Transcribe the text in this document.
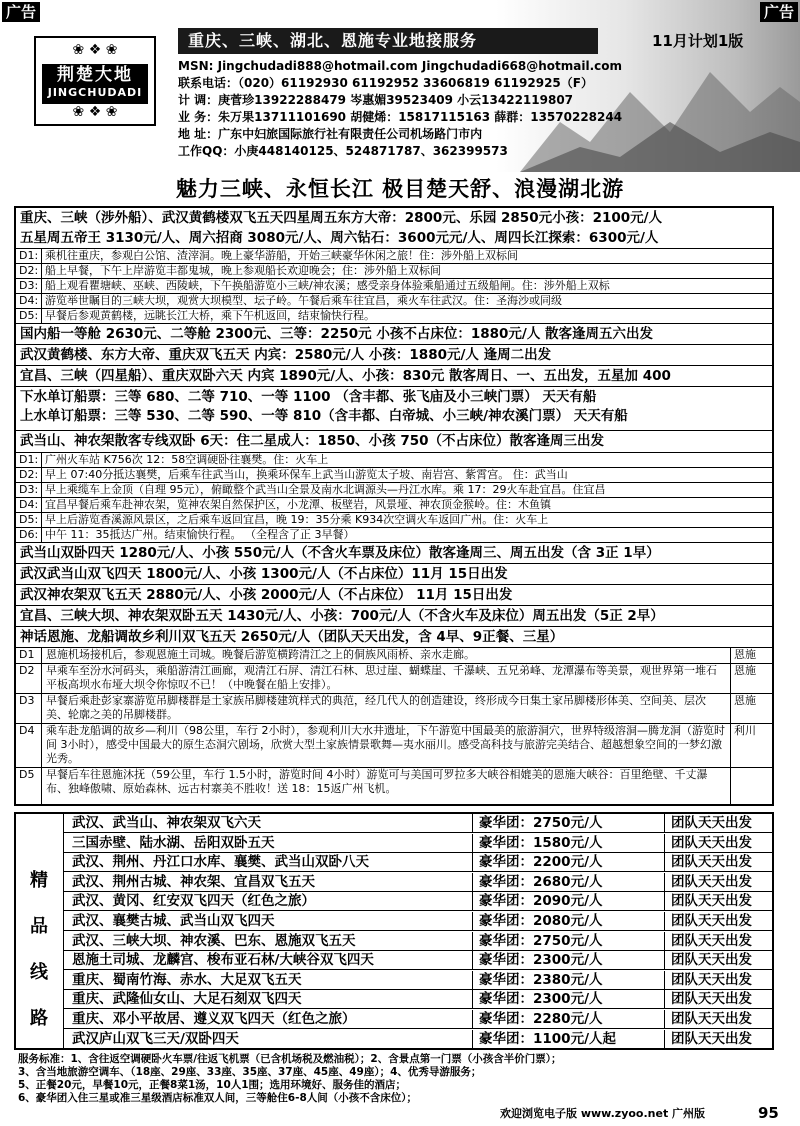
广告	广告
❀ ❖ ❀
荆楚大地
JINGCHUDADI
❀ ❖ ❀
重庆、三峡、湖北、恩施专业地接服务	11月计划1版
MSN: Jingchudadi888@hotmail.com Jingchudadi668@hotmail.com
联系电话：（020）61192930 61192952 33606819 61192925（F）
计 调：庚菅珍13922288479 岑惠媚39523409 小云13422119807
业 务：朱万果13711101690 胡健烯：15817115163 薛群：13570228244
地 址：广东中妇旅国际旅行社有限责任公司机场路门市内
工作QQ：小庚448140125、524871787、362399573
魅力三峡、永恒长江 极目楚天舒、浪漫湖北游
重庆、三峡（涉外船）、武汉黄鹤楼双飞五天四星周五东方大帝：2800元、乐园 2850元小孩：2100元/人
五星周五帝王 3130元/人、周六招商 3080元/人、周六钻石：3600元元/人、周四长江探索：6300元/人
D1: 乘机往重庆，参观白公馆、渣滓洞。晚上豪华游船，开始三峡豪华休闲之旅！住：涉外船上双标间
D2: 船上早餐，下午上岸游览丰都鬼城，晚上参观船长欢迎晚会；住：涉外船上双标间
D3: 船上观看瞿塘峡、巫峡、西陵峡，下午换船游览小三峡/神农溪；感受亲身体验乘船通过五级船闸。住：涉外船上双标
D4: 游览举世瞩目的三峡大坝，观赏大坝模型、坛子岭。午餐后乘车往宜昌，乘火车往武汉。住：圣海沙或同级
D5: 早餐后参观黄鹤楼，远眺长江大桥，乘下午机返回，结束愉快行程。
国内船一等舱 2630元、二等舱 2300元、三等：2250元 小孩不占床位：1880元/人 散客逢周五六出发
武汉黄鹤楼、东方大帝、重庆双飞五天 内宾：2580元/人 小孩：1880元/人 逢周二出发
宜昌、三峡（四星船）、重庆双卧六天 内宾 1890元/人、小孩：830元 散客周日、一、五出发，五星加 400
下水单订船票：三等 680、二等 710、一等 1100 （含丰都、张飞庙及小三峡门票） 天天有船
上水单订船票：三等 530、二等 590、一等 810（含丰都、白帝城、小三峡/神农溪门票） 天天有船
武当山、神农架散客专线双卧 6天：住二星成人：1850、小孩 750（不占床位）散客逢周三出发
D1: 广州火车站 K756次 12：58空调硬卧往襄樊。住：火车上
D2: 早上 07:40分抵达襄樊，后乘车往武当山，换乘环保车上武当山游览太子坡、南岩宫、紫霄宫。 住：武当山
D3: 早上乘缆车上金顶（自理 95元），俯瞰整个武当山全景及南水北调源头—丹江水库。乘 17：29火车赴宜昌。住宜昌
D4: 宜昌早餐后乘车赴神农架，览神农架自然保护区，小龙潭、板壁岩，风景垭、神农顶金猴岭。住：木鱼镇
D5: 早上后游览香溪源风景区，之后乘车返回宜昌，晚 19：35分乘 K934次空调火车返回广州。住：火车上
D6: 中午 11：35抵达广州。结束愉快行程。 （全程含了正 3早餐）
武当山双卧四天 1280元/人、小孩 550元/人（不含火车票及床位）散客逢周三、周五出发（含 3正 1早）
武汉武当山双飞四天 1800元/人、小孩 1300元/人（不占床位）11月 15日出发
武汉神农架双飞五天 2880元/人、小孩 2000元/人（不占床位） 11月 15日出发
宜昌、三峡大坝、神农架双卧五天 1430元/人、小孩：700元/人（不含火车及床位）周五出发（5正 2早）
神话恩施、龙船调故乡利川双飞五天 2650元/人（团队天天出发，含 4早、9正餐、三星）
D1	恩施机场接机后，参观恩施土司城。晚餐后游览横跨清江之上的侗族风雨桥、亲水走廊。	恩施
D2	早乘车至汾水河码头，乘船游清江画廊，观清江石屏、清江石林、思过崖、蝴蝶崖、千瀑峡、五兄弟峰、龙潭瀑布等美景，观世界第一堆石平板高坝水布垭大坝令你惊叹不已！（中晚餐在船上安排）。
恩施
D3	早餐后乘赴彭家寨游览吊脚楼群是土家族吊脚楼建筑样式的典范，经几代人的创造建设，终形成今日集土家吊脚楼形体美、空间美、层次美、轮廓之美的吊脚楼群。
恩施
D4	乘车赴龙船调的故乡—利川（98公里，车行 2小时），参观利川大水井遗址，下午游览中国最美的旅游洞穴，世界特级溶洞—腾龙洞（游览时间 3小时），感受中国最大的原生态洞穴剧场，欣赏大型土家族情景歌舞—夷水丽川。感受高科技与旅游完美结合、超越想象空间的一梦幻激光秀。
利川
D5	早餐后车往恩施沐抚（59公里，车行 1.5小时，游览时间 4小时）游览可与美国可罗拉多大峡谷相媲美的恩施大峡谷：百里绝壁、千丈瀑布、独峰傲啸、原始森林、远古村寨美不胜收！送 18：15返广州飞机。
精
品
线
路
武汉、武当山、神农架双飞六天	豪华团：2750元/人	团队天天出发
三国赤壁、陆水湖、岳阳双卧五天	豪华团：1580元/人	团队天天出发
武汉、荆州、丹江口水库、襄樊、武当山双卧八天	豪华团：2200元/人	团队天天出发
武汉、荆州古城、神农架、宜昌双飞五天	豪华团：2680元/人	团队天天出发
武汉、黄冈、红安双飞四天（红色之旅）	豪华团：2090元/人	团队天天出发
武汉、襄樊古城、武当山双飞四天	豪华团：2080元/人	团队天天出发
武汉、三峡大坝、神农溪、巴东、恩施双飞五天	豪华团：2750元/人	团队天天出发
恩施土司城、龙麟宫、梭布亚石林/大峡谷双飞四天	豪华团：2300元/人	团队天天出发
重庆、蜀南竹海、赤水、大足双飞五天	豪华团：2380元/人	团队天天出发
重庆、武隆仙女山、大足石刻双飞四天	豪华团：2300元/人	团队天天出发
重庆、邓小平故居、遵义双飞四天（红色之旅）	豪华团：2280元/人	团队天天出发
武汉庐山双飞三天/双卧四天	豪华团：1100元/人起	团队天天出发
服务标准：1、含往返空调硬卧火车票/往返飞机票（已含机场税及燃油税）；2、含景点第一门票（小孩含半价门票）；
3、含当地旅游空调车、（18座、29座、33座、35座、37座、45座、49座）；4、优秀导游服务；
5、正餐20元，早餐10元，正餐8菜1汤，10人1围；选用环境好、服务佳的酒店；
6、豪华团入住三星或准三星级酒店标准双人间，三等舱住6-8人间（小孩不含床位）；
欢迎浏览电子版 www.zyoo.net 广州版	95
